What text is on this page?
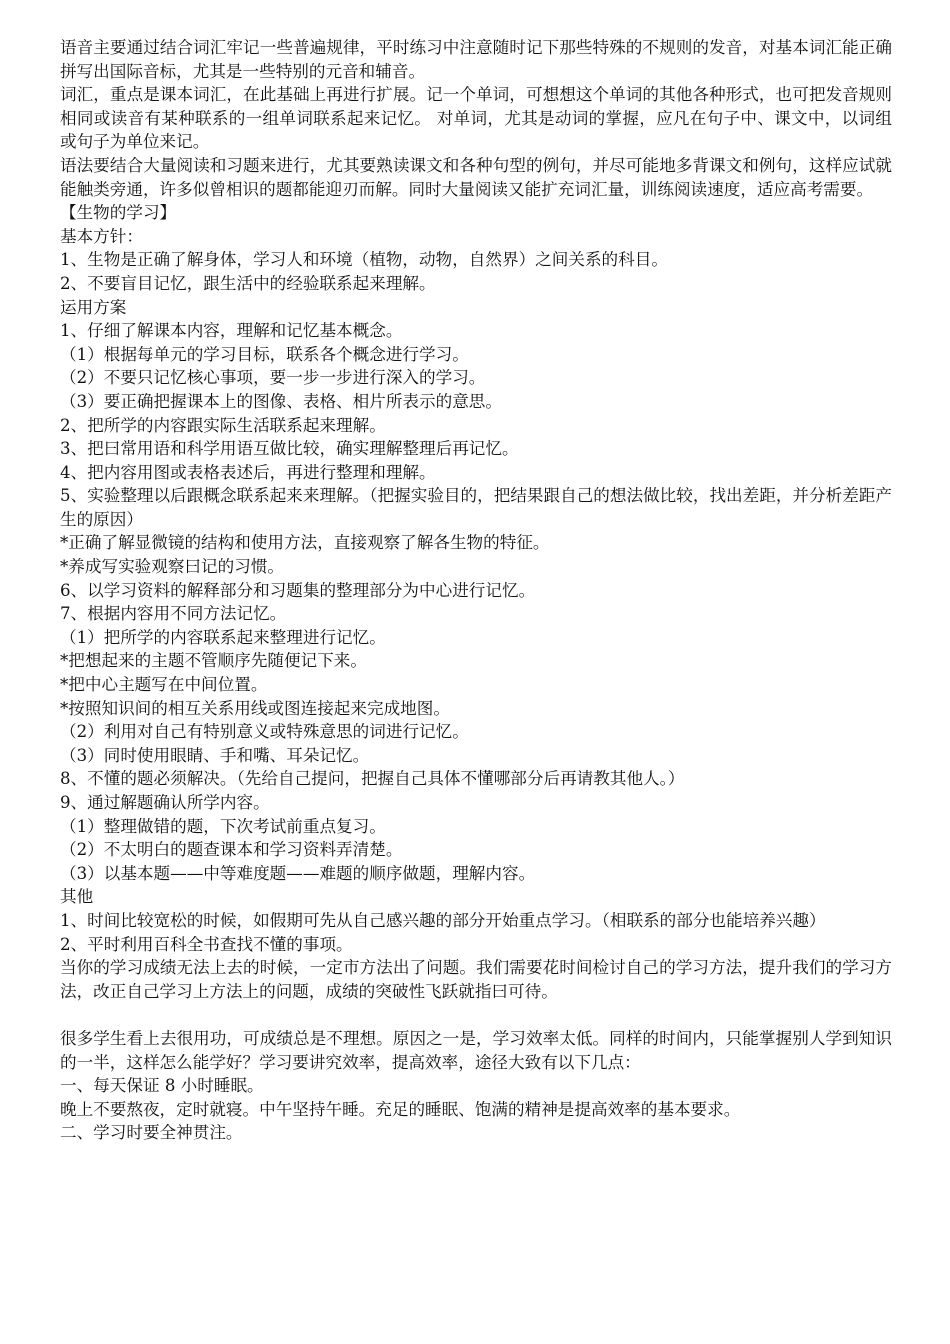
语音主要通过结合词汇牢记一些普遍规律，平时练习中注意随时记下那些特殊的不规则的发音，对基本词汇能正确拼写出国际音标，尤其是一些特别的元音和辅音。
词汇，重点是课本词汇，在此基础上再进行扩展。记一个单词，可想想这个单词的其他各种形式，也可把发音规则相同或读音有某种联系的一组单词联系起来记忆。 对单词，尤其是动词的掌握，应凡在句子中、课文中，以词组或句子为单位来记。
语法要结合大量阅读和习题来进行，尤其要熟读课文和各种句型的例句，并尽可能地多背课文和例句，这样应试就能触类旁通，许多似曾相识的题都能迎刃而解。同时大量阅读又能扩充词汇量，训练阅读速度，适应高考需要。
【生物的学习】
基本方针：
1、生物是正确了解身体，学习人和环境（植物，动物，自然界）之间关系的科目。
2、不要盲目记忆，跟生活中的经验联系起来理解。
运用方案
1、仔细了解课本内容，理解和记忆基本概念。
（1）根据每单元的学习目标，联系各个概念进行学习。
（2）不要只记忆核心事项，要一步一步进行深入的学习。
（3）要正确把握课本上的图像、表格、相片所表示的意思。
2、把所学的内容跟实际生活联系起来理解。
3、把曰常用语和科学用语互做比较，确实理解整理后再记忆。
4、把内容用图或表格表述后，再进行整理和理解。
5、实验整理以后跟概念联系起来来理解。（把握实验目的，把结果跟自己的想法做比较，找出差距，并分析差距产生的原因）
*正确了解显微镜的结构和使用方法，直接观察了解各生物的特征。
*养成写实验观察曰记的习惯。
6、以学习资料的解释部分和习题集的整理部分为中心进行记忆。
7、根据内容用不同方法记忆。
（1）把所学的内容联系起来整理进行记忆。
*把想起来的主题不管顺序先随便记下来。
*把中心主题写在中间位置。
*按照知识间的相互关系用线或图连接起来完成地图。
（2）利用对自己有特别意义或特殊意思的词进行记忆。
（3）同时使用眼睛、手和嘴、耳朵记忆。
8、不懂的题必须解决。（先给自己提问，把握自己具体不懂哪部分后再请教其他人。）
9、通过解题确认所学内容。
（1）整理做错的题，下次考试前重点复习。
（2）不太明白的题查课本和学习资料弄清楚。
（3）以基本题——中等难度题——难题的顺序做题，理解内容。
其他
1、时间比较宽松的时候，如假期可先从自己感兴趣的部分开始重点学习。（相联系的部分也能培养兴趣）
2、平时利用百科全书查找不懂的事项。
当你的学习成绩无法上去的时候，一定市方法出了问题。我们需要花时间检讨自己的学习方法，提升我们的学习方法，改正自己学习上方法上的问题，成绩的突破性飞跃就指曰可待。
很多学生看上去很用功，可成绩总是不理想。原因之一是，学习效率太低。同样的时间内，只能掌握别人学到知识的一半，这样怎么能学好？学习要讲究效率，提高效率，途径大致有以下几点：
一、每天保证 8 小时睡眠。
晚上不要熬夜，定时就寝。中午坚持午睡。充足的睡眠、饱满的精神是提高效率的基本要求。
二、学习时要全神贯注。
